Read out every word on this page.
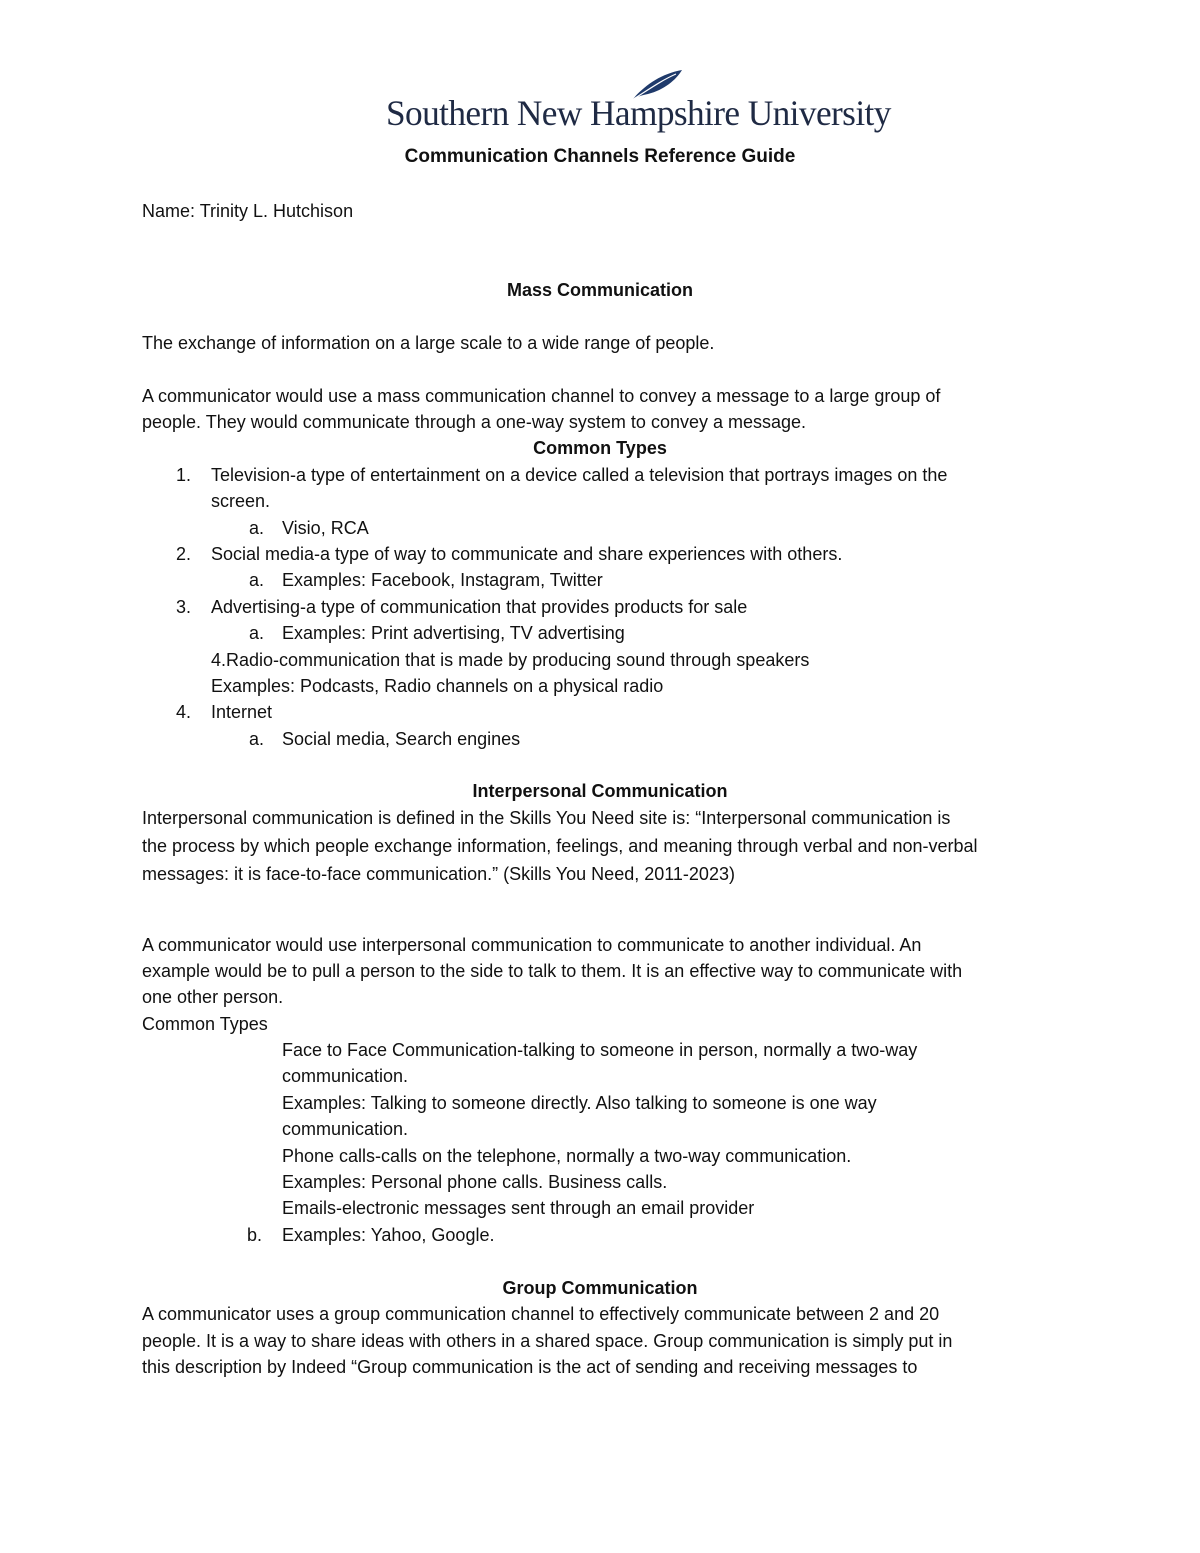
Southern New Hampshire University
Communication Channels Reference Guide
Name: Trinity L. Hutchison
Mass Communication
The exchange of information on a large scale to a wide range of people.
A communicator would use a mass communication channel to convey a message to a large group of
people. They would communicate through a one-way system to convey a message.
Common Types
1. Television-a type of entertainment on a device called a television that portrays images on the
screen.
a. Visio, RCA
2. Social media-a type of way to communicate and share experiences with others.
a. Examples: Facebook, Instagram, Twitter
3. Advertising-a type of communication that provides products for sale
a. Examples: Print advertising, TV advertising
4.Radio-communication that is made by producing sound through speakers
Examples: Podcasts, Radio channels on a physical radio
4. Internet
a. Social media, Search engines
Interpersonal Communication
Interpersonal communication is defined in the Skills You Need site is: “Interpersonal communication is
the process by which people exchange information, feelings, and meaning through verbal and non-verbal
messages: it is face-to-face communication.” (Skills You Need, 2011-2023)
A communicator would use interpersonal communication to communicate to another individual. An
example would be to pull a person to the side to talk to them. It is an effective way to communicate with
one other person.
Common Types
Face to Face Communication-talking to someone in person, normally a two-way
communication.
Examples: Talking to someone directly. Also talking to someone is one way
communication.
Phone calls-calls on the telephone, normally a two-way communication.
Examples: Personal phone calls. Business calls.
Emails-electronic messages sent through an email provider
b. Examples: Yahoo, Google.
Group Communication
A communicator uses a group communication channel to effectively communicate between 2 and 20
people. It is a way to share ideas with others in a shared space. Group communication is simply put in
this description by Indeed “Group communication is the act of sending and receiving messages to
